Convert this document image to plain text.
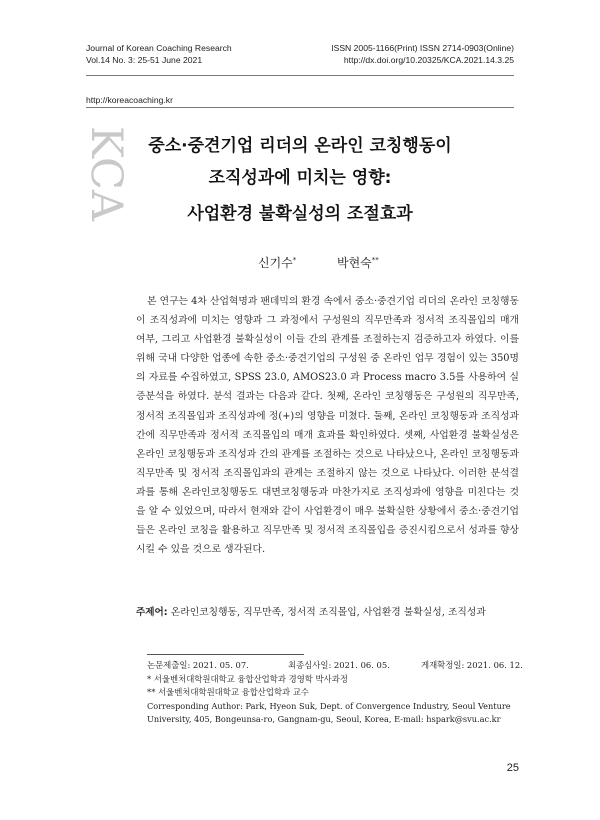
Journal of Korean Coaching Research
Vol.14 No. 3: 25-51 June 2021
ISSN 2005-1166(Print) ISSN 2714-0903(Online)
http://dx.doi.org/10.20325/KCA.2021.14.3.25
http://koreacoaching.kr
KCA	중소·중견기업 리더의 온라인 코칭행동이
조직성과에 미치는 영향:
사업환경 불확실성의 조절효과
신기수*	박현숙**

본 연구는 4차 산업혁명과 팬데믹의 환경 속에서 중소·중견기업 리더의 온라인 코칭행동이 조직성과에 미치는 영향과 그 과정에서 구성원의 직무만족과 정서적 조직몰입의 매개 여부, 그리고 사업환경 불확실성이 이들 간의 관계를 조절하는지 검증하고자 하였다. 이를 위해 국내 다양한 업종에 속한 중소·중견기업의 구성원 중 온라인 업무 경험이 있는 350명의 자료를 수집하였고, SPSS 23.0, AMOS23.0 과 Process macro 3.5를 사용하여 실증분석을 하였다. 분석 결과는 다음과 같다. 첫째, 온라인 코칭행동은 구성원의 직무만족, 정서적 조직몰입과 조직성과에 정(+)의 영향을 미쳤다. 둘째, 온라인 코칭행동과 조직성과 간에 직무만족과 정서적 조직몰입의 매개 효과를 확인하였다. 셋째, 사업환경 불확실성은 온라인 코칭행동과 조직성과 간의 관계를 조절하는 것으로 나타났으나, 온라인 코칭행동과 직무만족 및 정서적 조직몰입과의 관계는 조절하지 않는 것으로 나타났다. 이러한 분석결과를 통해 온라인코칭행동도 대면코칭행동과 마찬가지로 조직성과에 영향을 미친다는 것을 알 수 있었으며, 따라서 현재와 같이 사업환경이 매우 불확실한 상황에서 중소·중견기업들은 온라인 코칭을 활용하고 직무만족 및 정서적 조직몰입을 증진시킴으로서 성과를 향상시킬 수 있을 것으로 생각된다.

주제어: 온라인코칭행동, 직무만족, 정서적 조직몰입, 사업환경 불확실성, 조직성과
논문제출일: 2021. 05. 07.	최종심사일: 2021. 06. 05.	게재확정일: 2021. 06. 12.
* 서울벤처대학원대학교 융합산업학과 경영학 박사과정
** 서울벤처대학원대학교 융합산업학과 교수
Corresponding Author: Park, Hyeon Suk, Dept. of Convergence Industry, Seoul Venture University, 405, Bongeunsa-ro, Gangnam-gu, Seoul, Korea, E-mail: hspark@svu.ac.kr
25
